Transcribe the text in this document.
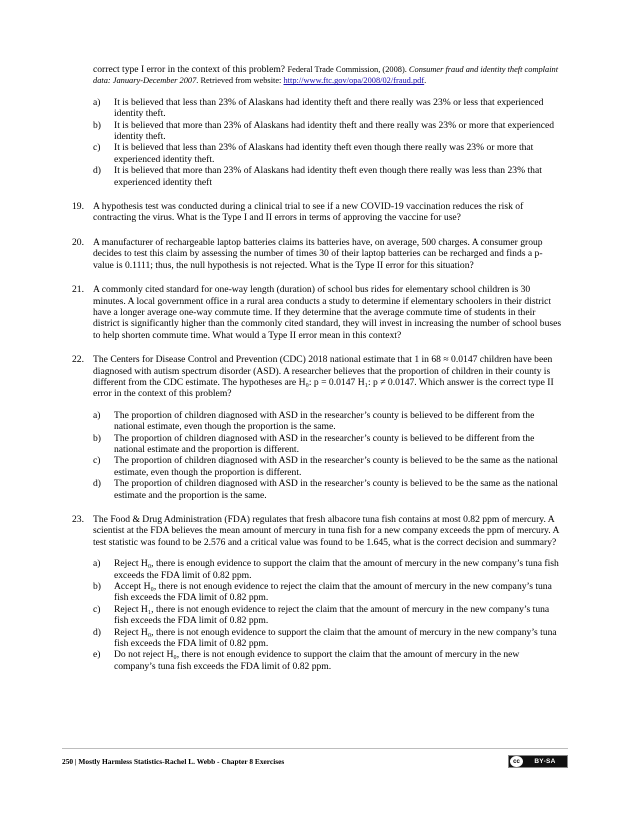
correct type I error in the context of this problem? Federal Trade Commission, (2008). Consumer fraud and identity theft complaint data: January-December 2007. Retrieved from website: http://www.ftc.gov/opa/2008/02/fraud.pdf.

a)	It is believed that less than 23% of Alaskans had identity theft and there really was 23% or less that experienced identity theft.
b)	It is believed that more than 23% of Alaskans had identity theft and there really was 23% or more that experienced identity theft.
c)	It is believed that less than 23% of Alaskans had identity theft even though there really was 23% or more that experienced identity theft.
d)	It is believed that more than 23% of Alaskans had identity theft even though there really was less than 23% that experienced identity theft
19. A hypothesis test was conducted during a clinical trial to see if a new COVID-19 vaccination reduces the risk of contracting the virus. What is the Type I and II errors in terms of approving the vaccine for use?
20. A manufacturer of rechargeable laptop batteries claims its batteries have, on average, 500 charges. A consumer group decides to test this claim by assessing the number of times 30 of their laptop batteries can be recharged and finds a p-value is 0.1111; thus, the null hypothesis is not rejected. What is the Type II error for this situation?
21. A commonly cited standard for one-way length (duration) of school bus rides for elementary school children is 30 minutes. A local government office in a rural area conducts a study to determine if elementary schoolers in their district have a longer average one-way commute time. If they determine that the average commute time of students in their district is significantly higher than the commonly cited standard, they will invest in increasing the number of school buses to help shorten commute time. What would a Type II error mean in this context?
22. The Centers for Disease Control and Prevention (CDC) 2018 national estimate that 1 in 68 ≈ 0.0147 children have been diagnosed with autism spectrum disorder (ASD). A researcher believes that the proportion of children in their county is different from the CDC estimate. The hypotheses are H₀: p = 0.0147 H₁: p ≠ 0.0147. Which answer is the correct type II error in the context of this problem?
a)	The proportion of children diagnosed with ASD in the researcher’s county is believed to be different from the national estimate, even though the proportion is the same.
b)	The proportion of children diagnosed with ASD in the researcher’s county is believed to be different from the national estimate and the proportion is different.
c)	The proportion of children diagnosed with ASD in the researcher’s county is believed to be the same as the national estimate, even though the proportion is different.
d)	The proportion of children diagnosed with ASD in the researcher’s county is believed to be the same as the national estimate and the proportion is the same.
23. The Food & Drug Administration (FDA) regulates that fresh albacore tuna fish contains at most 0.82 ppm of mercury. A scientist at the FDA believes the mean amount of mercury in tuna fish for a new company exceeds the ppm of mercury. A test statistic was found to be 2.576 and a critical value was found to be 1.645, what is the correct decision and summary?
a)	Reject H₀, there is enough evidence to support the claim that the amount of mercury in the new company’s tuna fish exceeds the FDA limit of 0.82 ppm.
b)	Accept H₀, there is not enough evidence to reject the claim that the amount of mercury in the new company’s tuna fish exceeds the FDA limit of 0.82 ppm.
c)	Reject H₁, there is not enough evidence to reject the claim that the amount of mercury in the new company’s tuna fish exceeds the FDA limit of 0.82 ppm.
d)	Reject H₀, there is not enough evidence to support the claim that the amount of mercury in the new company’s tuna fish exceeds the FDA limit of 0.82 ppm.
e)	Do not reject H₀, there is not enough evidence to support the claim that the amount of mercury in the new company’s tuna fish exceeds the FDA limit of 0.82 ppm.
250 | Mostly Harmless Statistics-Rachel L. Webb - Chapter 8 Exercises	cc	BY-SA
